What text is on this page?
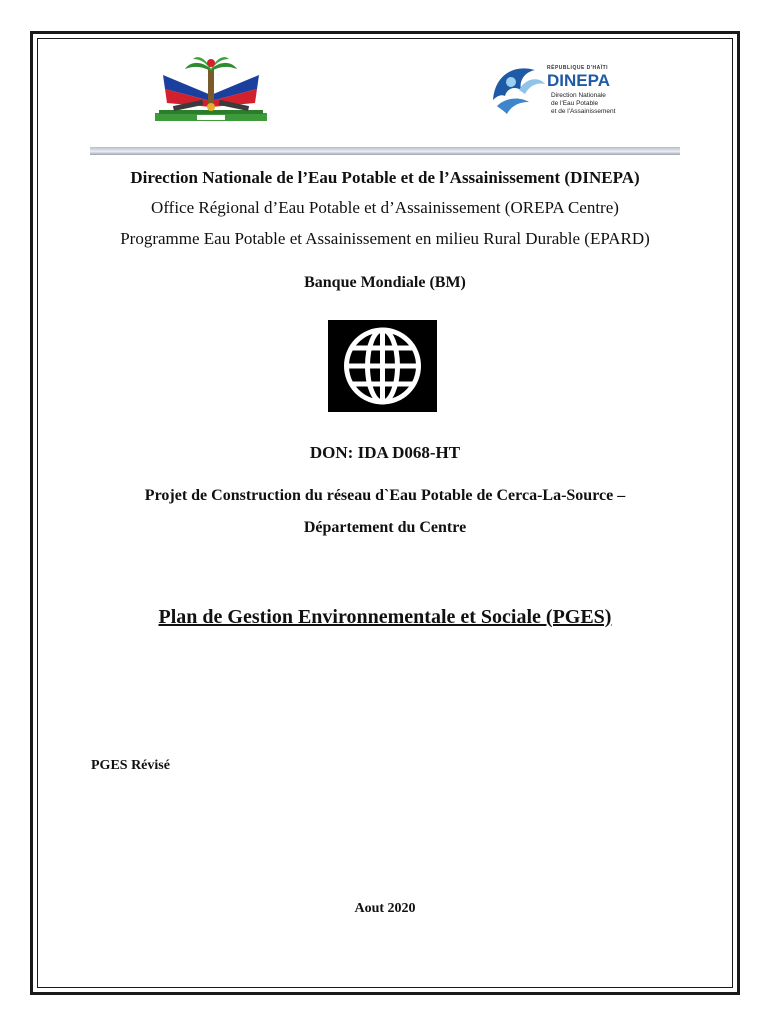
RÉPUBLIQUE D'HAÏTI
DINEPA
Direction Nationale
de l'Eau Potable
et de l'Assainissement
Direction Nationale de l’Eau Potable et de l’Assainissement (DINEPA)
Office Régional d’Eau Potable et d’Assainissement (OREPA Centre)
Programme Eau Potable et Assainissement en milieu Rural Durable (EPARD)
Banque Mondiale (BM)
DON: IDA D068-HT
Projet de Construction du réseau d`Eau Potable de Cerca-La-Source –
Département du Centre
Plan de Gestion Environnementale et Sociale (PGES)
PGES Révisé
Aout 2020
